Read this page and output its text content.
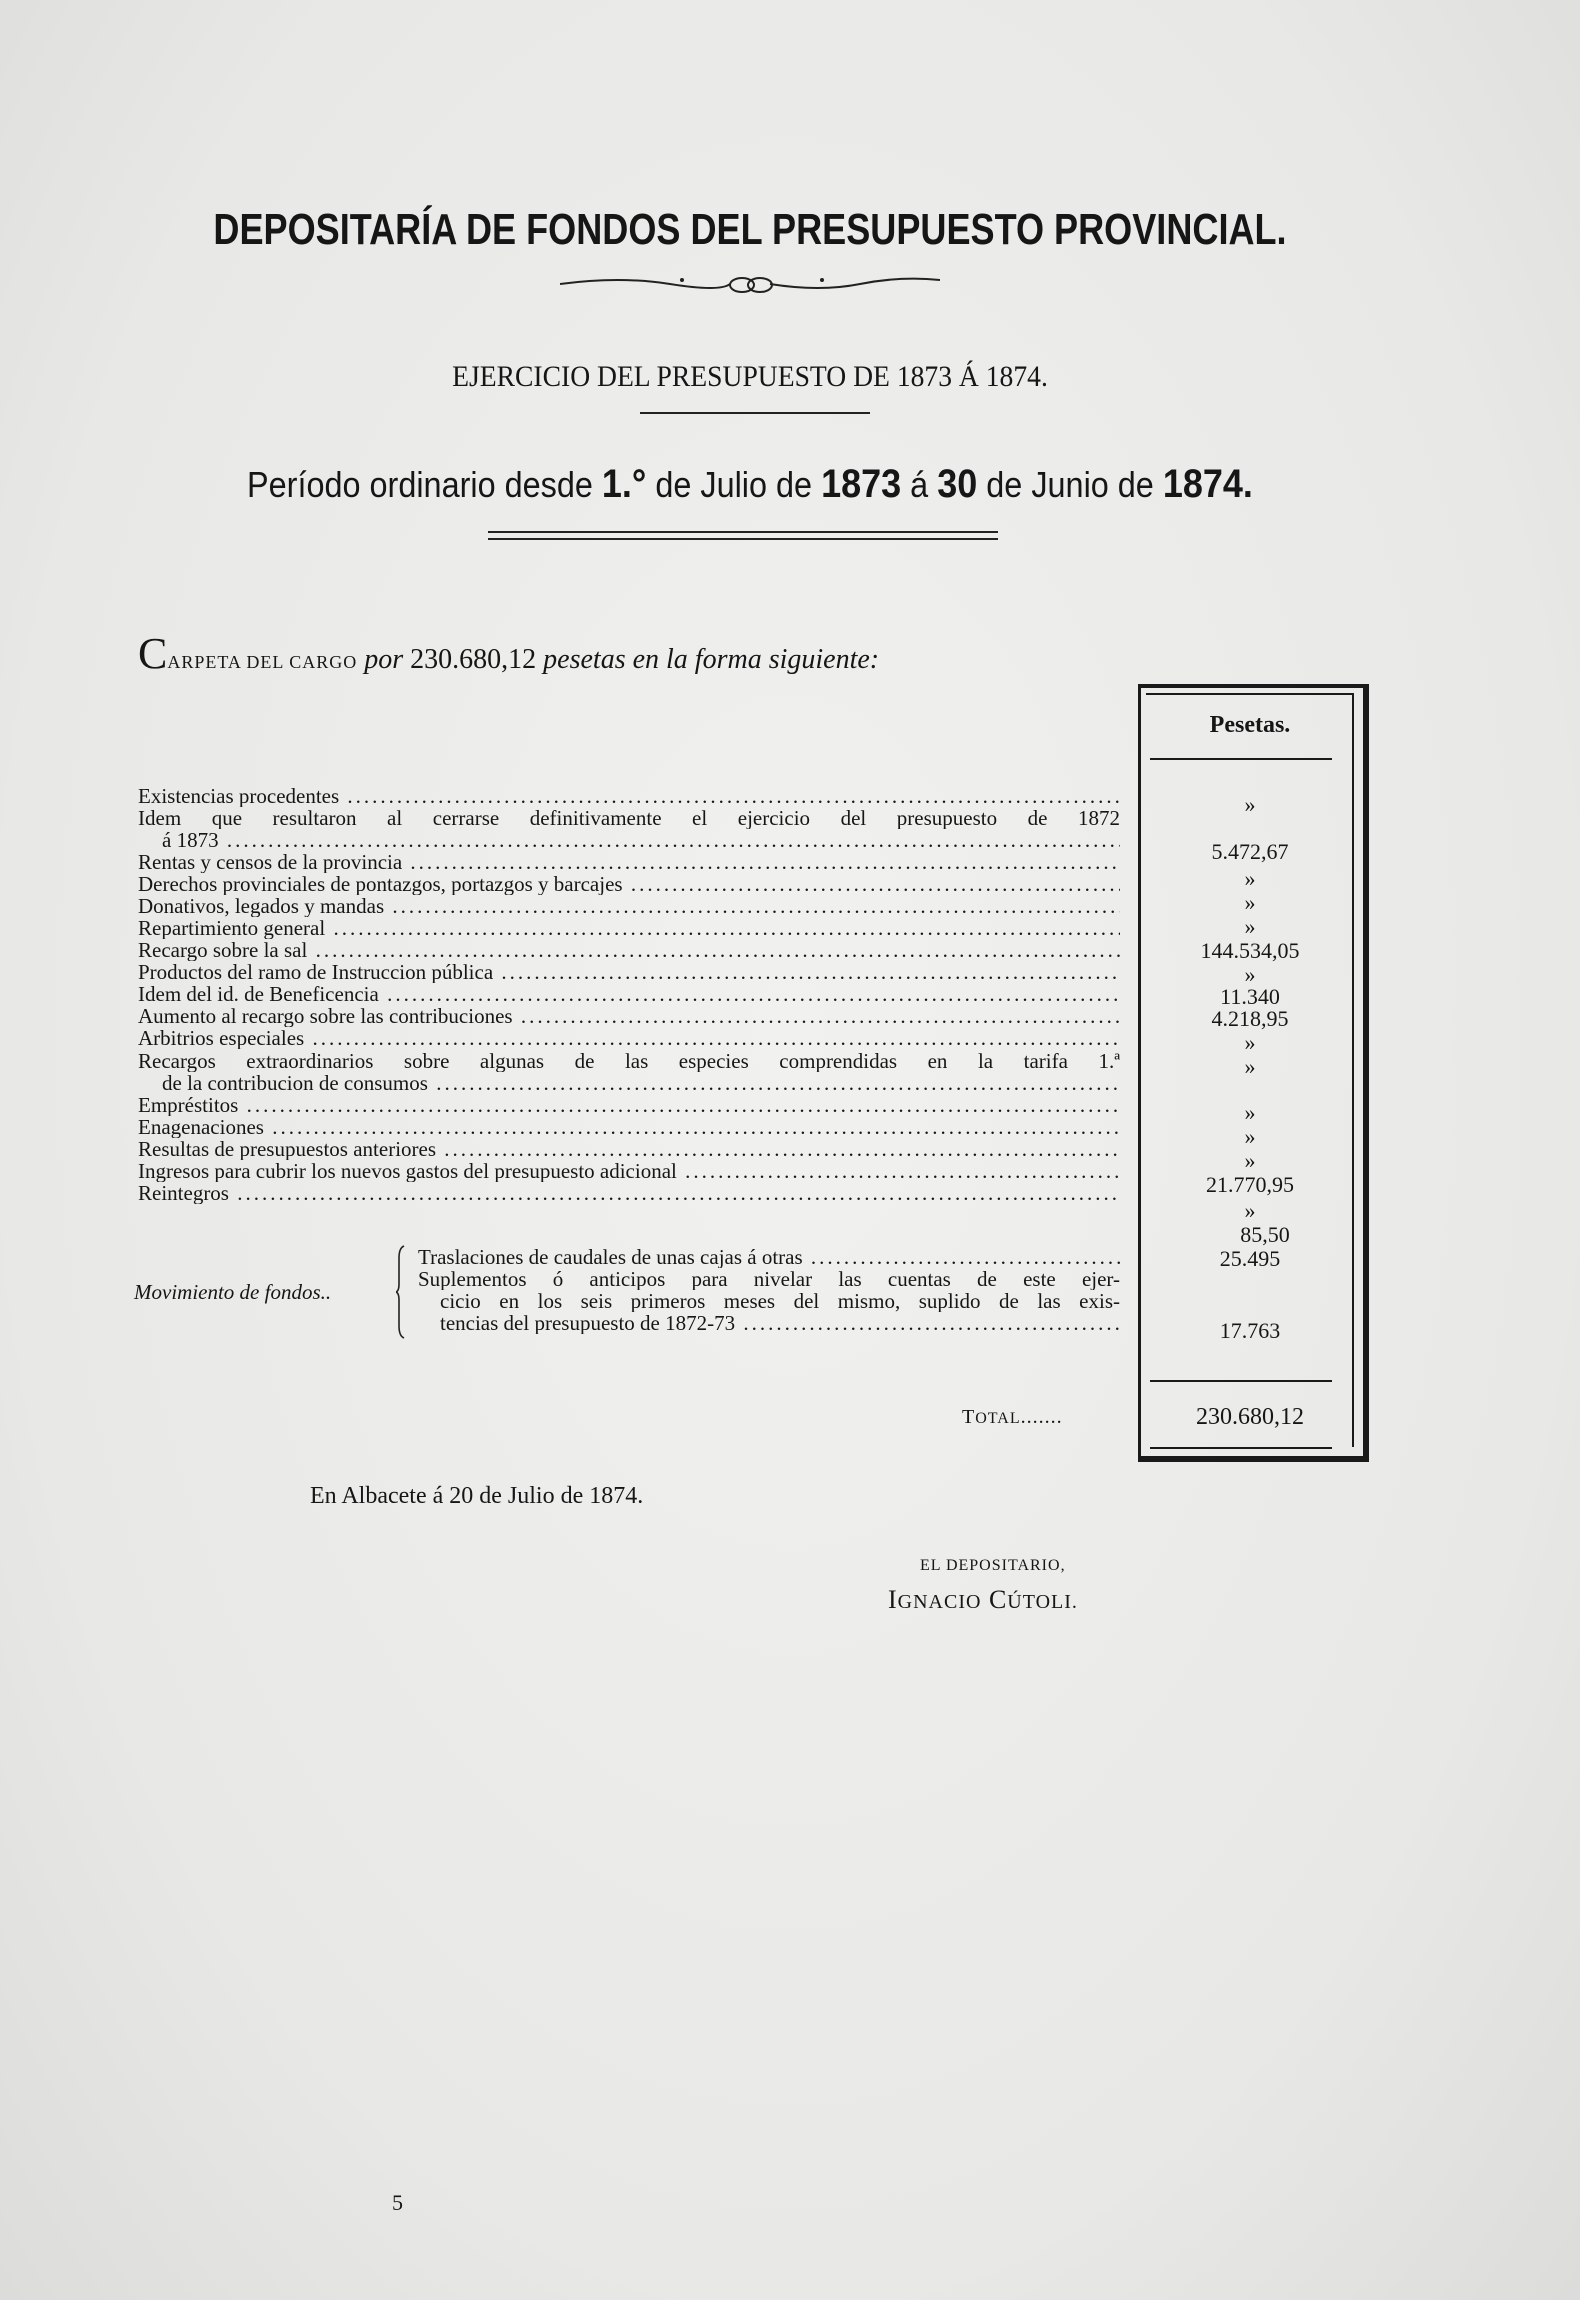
DEPOSITARÍA DE FONDOS DEL PRESUPUESTO PROVINCIAL.
EJERCICIO DEL PRESUPUESTO DE 1873 Á 1874.
Período ordinario desde 1.° de Julio de 1873 á 30 de Junio de 1874.
CARPETA DEL CARGO por 230.680,12 pesetas en la forma siguiente:
Existencias procedentes .....
Idem que resultaron al cerrarse definitivamente el ejercicio del presupuesto de 1872
á 1873 .....
Rentas y censos de la provincia .....
Derechos provinciales de pontazgos, portazgos y barcajes .....
Donativos, legados y mandas .....
Repartimiento general .....
Recargo sobre la sal .....
Productos del ramo de Instruccion pública .....
Idem del id. de Beneficencia .....
Aumento al recargo sobre las contribuciones .....
Arbitrios especiales .....
Recargos extraordinarios sobre algunas de las especies comprendidas en la tarifa 1.ª
de la contribucion de consumos .....
Empréstitos .....
Enagenaciones .....
Resultas de presupuestos anteriores .....
Ingresos para cubrir los nuevos gastos del presupuesto adicional .....
Reintegros .....
Movimiento de fondos..
Traslaciones de caudales de unas cajas á otras .....
Suplementos ó anticipos para nivelar las cuentas de este ejer-
cicio en los seis primeros meses del mismo, suplido de las exis-
tencias del presupuesto de 1872-73 .....
Pesetas.
»
5.472,67
»
»
»
144.534,05
»
11.340
4.218,95
»
»
»
»
»
21.770,95
»
85,50
25.495
17.763
TOTAL.......	230.680,12
En Albacete á 20 de Julio de 1874.
EL DEPOSITARIO,
IGNACIO CÚTOLI.
5
